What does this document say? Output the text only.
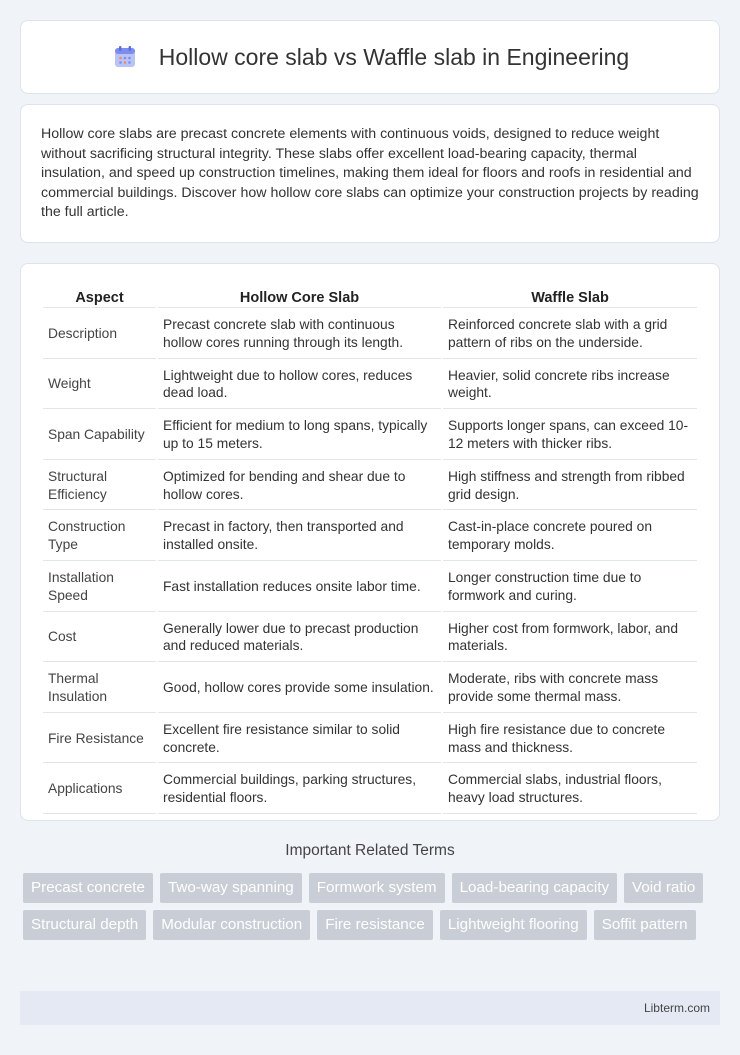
Hollow core slab vs Waffle slab in Engineering

Hollow core slabs are precast concrete elements with continuous voids, designed to reduce weight without sacrificing structural integrity. These slabs offer excellent load-bearing capacity, thermal insulation, and speed up construction timelines, making them ideal for floors and roofs in residential and commercial buildings. Discover how hollow core slabs can optimize your construction projects by reading the full article.

Aspect	Hollow Core Slab	Waffle Slab
Description	Precast concrete slab with continuous hollow cores running through its length.	Reinforced concrete slab with a grid pattern of ribs on the underside.
Weight	Lightweight due to hollow cores, reduces dead load.	Heavier, solid concrete ribs increase weight.
Span Capability	Efficient for medium to long spans, typically up to 15 meters.	Supports longer spans, can exceed 10-12 meters with thicker ribs.
Structural Efficiency	Optimized for bending and shear due to hollow cores.	High stiffness and strength from ribbed grid design.
Construction Type	Precast in factory, then transported and installed onsite.	Cast-in-place concrete poured on temporary molds.
Installation Speed	Fast installation reduces onsite labor time.	Longer construction time due to formwork and curing.
Cost	Generally lower due to precast production and reduced materials.	Higher cost from formwork, labor, and materials.
Thermal Insulation	Good, hollow cores provide some insulation.	Moderate, ribs with concrete mass provide some thermal mass.
Fire Resistance	Excellent fire resistance similar to solid concrete.	High fire resistance due to concrete mass and thickness.
Applications	Commercial buildings, parking structures, residential floors.	Commercial slabs, industrial floors, heavy load structures.
Important Related Terms
Precast concrete	Two-way spanning	Formwork system	Load-bearing capacity	Void ratio
Structural depth	Modular construction	Fire resistance	Lightweight flooring	Soffit pattern
Libterm.com
